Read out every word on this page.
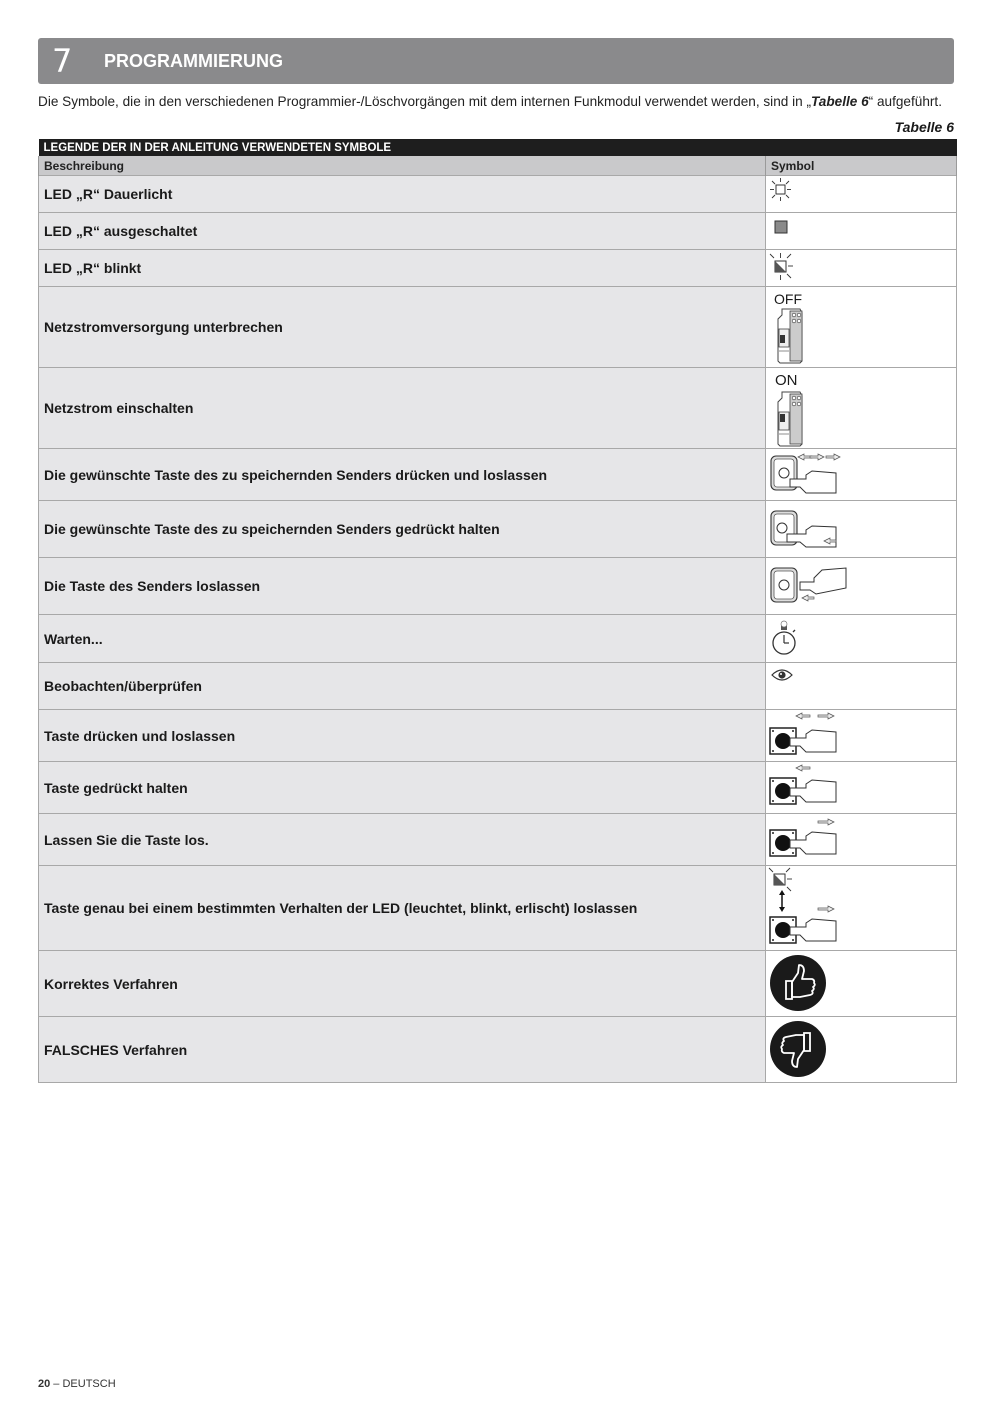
7 PROGRAMMIERUNG
Die Symbole, die in den verschiedenen Programmier-/Löschvorgängen mit dem internen Funkmodul verwendet werden, sind in „Tabelle 6“ aufgeführt.
Tabelle 6
LEGENDE DER IN DER ANLEITUNG VERWENDETEN SYMBOLE	
Beschreibung	Symbol
LED „R“ Dauerlicht	

LED „R“ ausgeschaltet	

LED „R“ blinkt	

Netzstromversorgung unterbrechen	OFF

Netzstrom einschalten	ON

Die gewünschte Taste des zu speichernden Senders drücken und loslassen	

Die gewünschte Taste des zu speichernden Senders gedrückt halten	

Die Taste des Senders loslassen	

Warten...	

Beobachten/überprüfen	

Taste drücken und loslassen	

Taste gedrückt halten	

Lassen Sie die Taste los.	

Taste genau bei einem bestimmten Verhalten der LED (leuchtet, blinkt, erlischt) loslassen	

Korrektes Verfahren	

FALSCHES Verfahren	
20 – DEUTSCH
